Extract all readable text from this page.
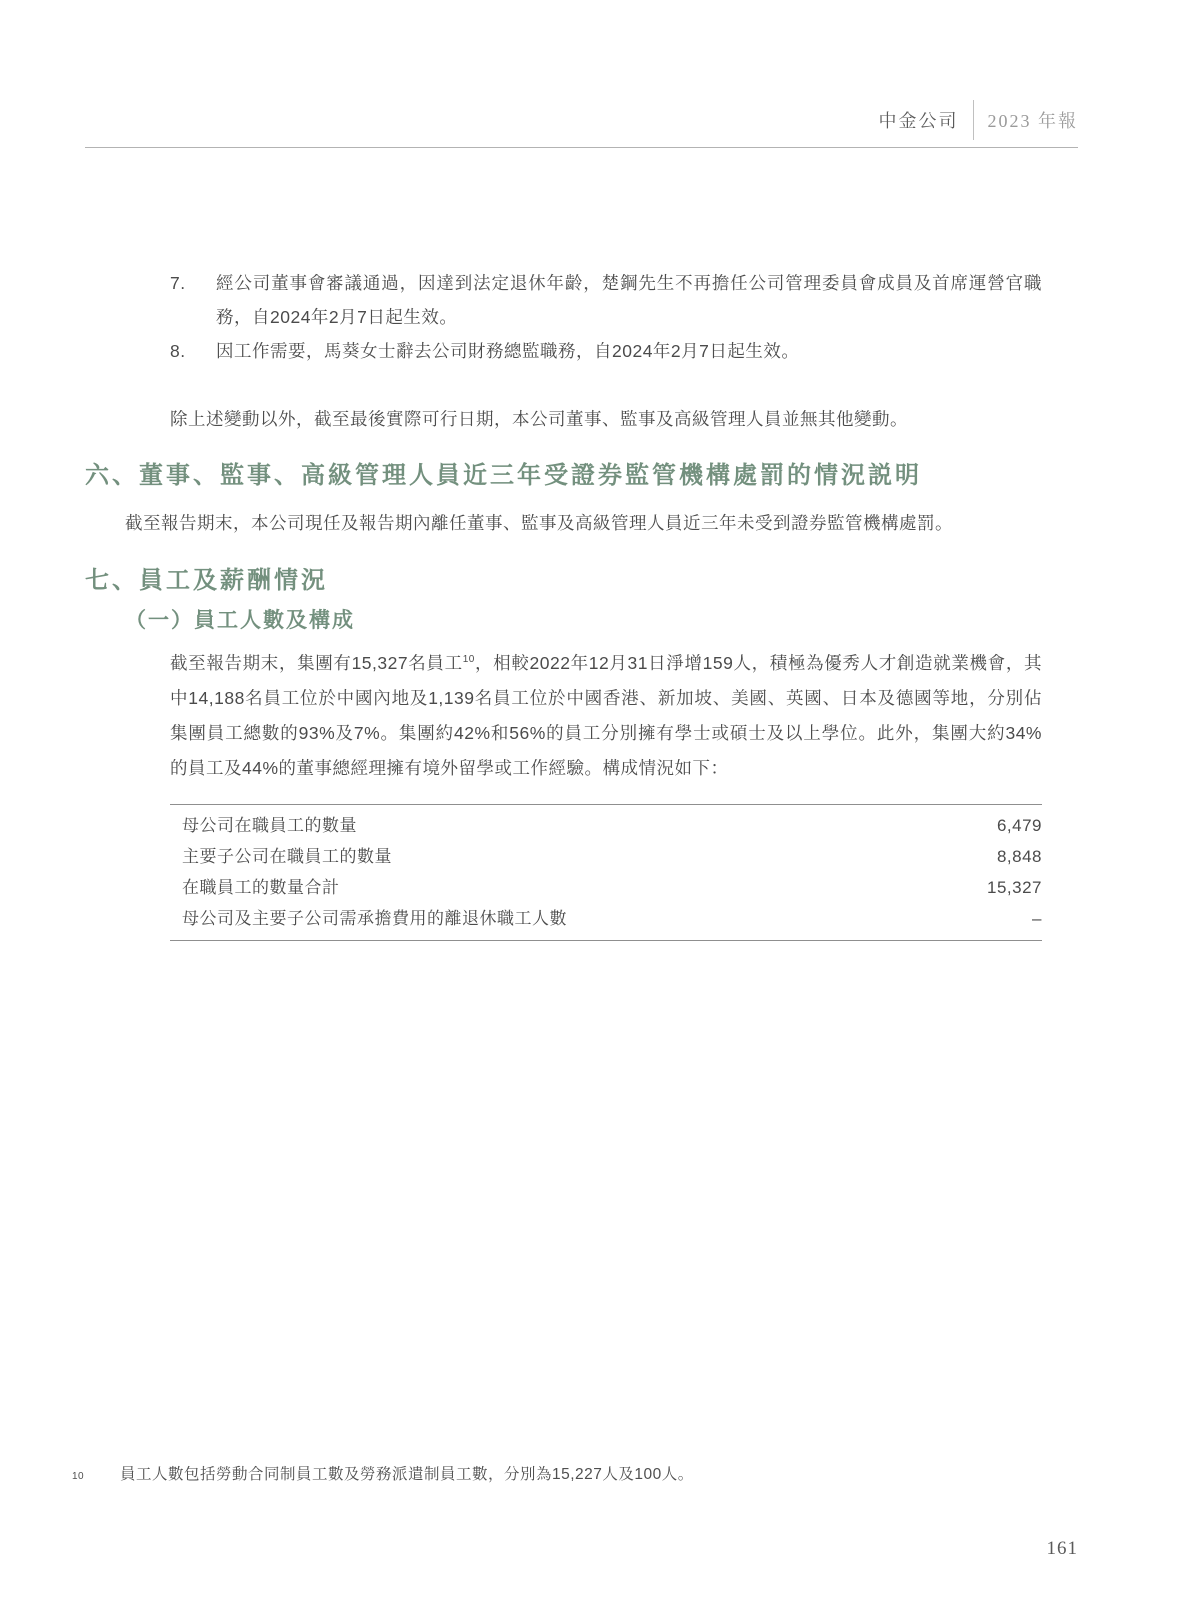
中金公司 2023 年報
7.	經公司董事會審議通過，因達到法定退休年齡，楚鋼先生不再擔任公司管理委員會成員及首席運營官職務，自2024年2月7日起生效。
8.	因工作需要，馬葵女士辭去公司財務總監職務，自2024年2月7日起生效。

除上述變動以外，截至最後實際可行日期，本公司董事、監事及高級管理人員並無其他變動。

六、董事、監事、高級管理人員近三年受證券監管機構處罰的情況説明

截至報告期末，本公司現任及報告期內離任董事、監事及高級管理人員近三年未受到證券監管機構處罰。

七、員工及薪酬情況
（一）員工人數及構成

截至報告期末，集團有15,327名員工$^{10}$，相較2022年12月31日淨增159人，積極為優秀人才創造就業機會，其中14,188名員工位於中國內地及1,139名員工位於中國香港、新加坡、美國、英國、日本及德國等地，分別佔集團員工總數的93%及7%。集團約42%和56%的員工分別擁有學士或碩士及以上學位。此外，集團大約34%的員工及44%的董事總經理擁有境外留學或工作經驗。構成情況如下：

母公司在職員工的數量	6,479
主要子公司在職員工的數量	8,848
在職員工的數量合計	15,327
母公司及主要子公司需承擔費用的離退休職工人數	–
10	員工人數包括勞動合同制員工數及勞務派遣制員工數，分別為15,227人及100人。
161
